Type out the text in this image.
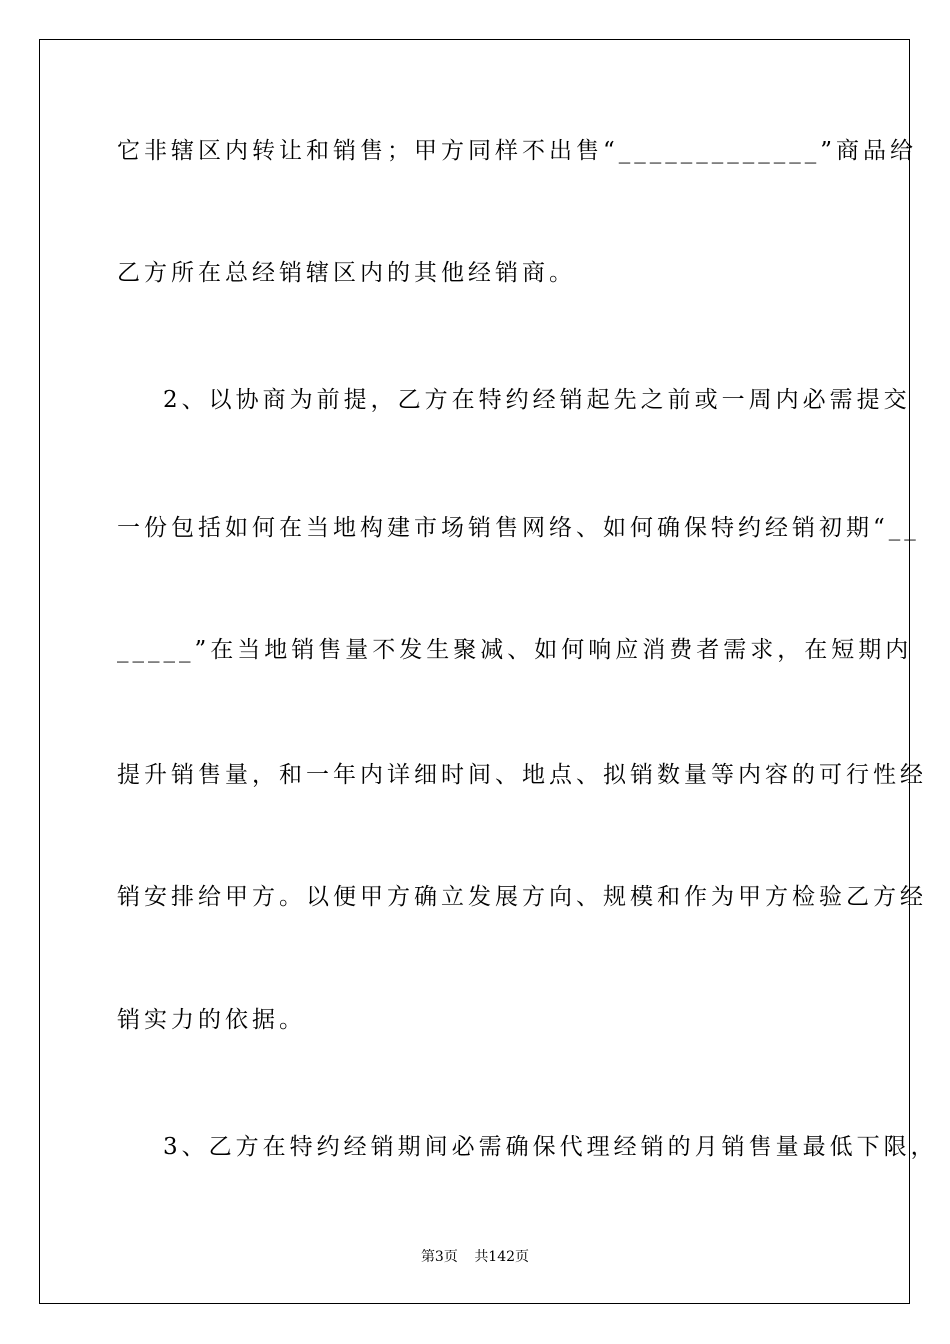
它非辖区内转让和销售；甲方同样不出售“_____________”商品给
乙方所在总经销辖区内的其他经销商。
2、以协商为前提，乙方在特约经销起先之前或一周内必需提交
一份包括如何在当地构建市场销售网络、如何确保特约经销初期“__
_____”在当地销售量不发生聚减、如何响应消费者需求，在短期内
提升销售量，和一年内详细时间、地点、拟销数量等内容的可行性经
销安排给甲方。以便甲方确立发展方向、规模和作为甲方检验乙方经
销实力的依据。
3、乙方在特约经销期间必需确保代理经销的月销售量最低下限，
第3页 共142页
